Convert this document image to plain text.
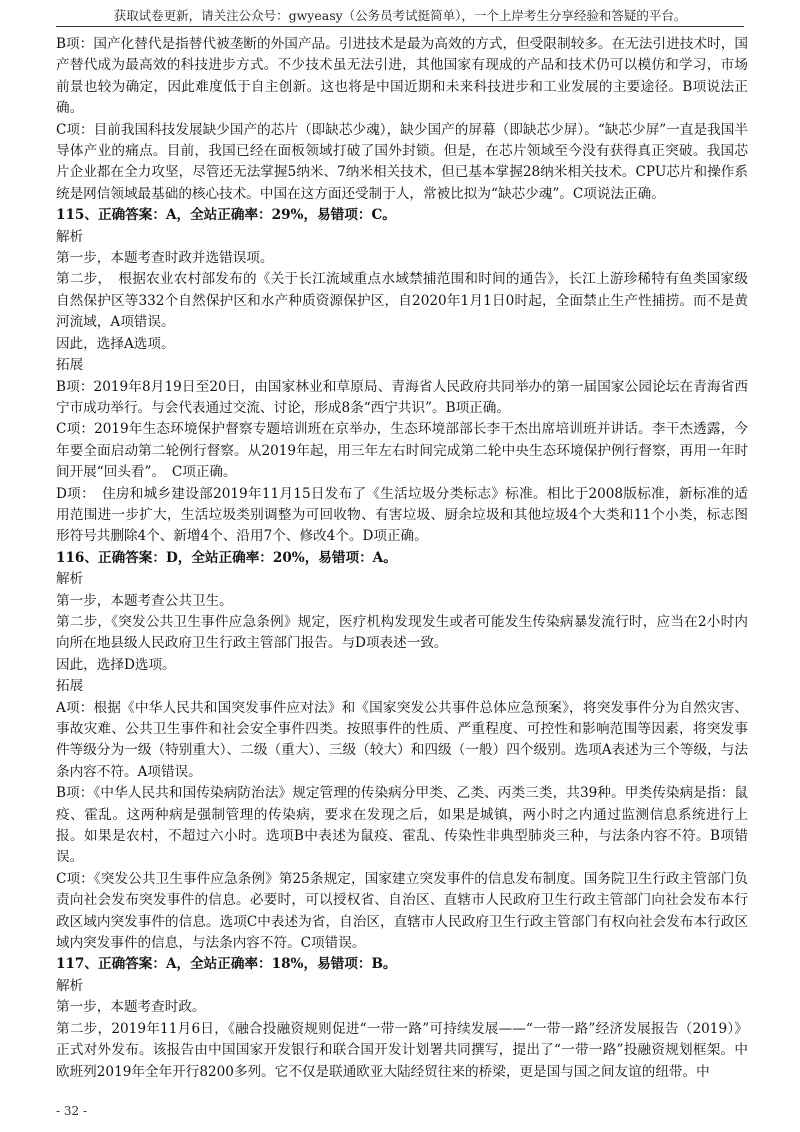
获取试卷更新，请关注公众号：gwyeasy（公务员考试挺简单），一个上岸考生分享经验和答疑的平台。

B项：国产化替代是指替代被垄断的外国产品。引进技术是最为高效的方式，但受限制较多。在无法引进技术时，国产替代成为最高效的科技进步方式。不少技术虽无法引进，其他国家有现成的产品和技术仍可以模仿和学习，市场前景也较为确定，因此难度低于自主创新。这也将是中国近期和未来科技进步和工业发展的主要途径。B项说法正确。

C项：目前我国科技发展缺少国产的芯片（即缺芯少魂），缺少国产的屏幕（即缺芯少屏）。“缺芯少屏”一直是我国半导体产业的痛点。目前，我国已经在面板领域打破了国外封锁。但是，在芯片领域至今没有获得真正突破。我国芯片企业都在全力攻坚，尽管还无法掌握5纳米、7纳米相关技术，但已基本掌握28纳米相关技术。CPU芯片和操作系统是网信领域最基础的核心技术。中国在这方面还受制于人，常被比拟为“缺芯少魂”。C项说法正确。

115、正确答案：A，全站正确率：29%，易错项：C。

解析

第一步，本题考查时政并选错误项。

第二步，　根据农业农村部发布的《关于长江流域重点水域禁捕范围和时间的通告》，长江上游珍稀特有鱼类国家级自然保护区等332个自然保护区和水产种质资源保护区，自2020年1月1日0时起，全面禁止生产性捕捞。而不是黄河流域，A项错误。

因此，选择A选项。

拓展

B项：2019年8月19日至20日，由国家林业和草原局、青海省人民政府共同举办的第一届国家公园论坛在青海省西宁市成功举行。与会代表通过交流、讨论，形成8条“西宁共识”。B项正确。

C项：2019年生态环境保护督察专题培训班在京举办，生态环境部部长李干杰出席培训班并讲话。李干杰透露，今年要全面启动第二轮例行督察。从2019年起，用三年左右时间完成第二轮中央生态环境保护例行督察，再用一年时间开展“回头看”。　C项正确。

D项：　住房和城乡建设部2019年11月15日发布了《生活垃圾分类标志》标准。相比于2008版标准，新标准的适用范围进一步扩大，生活垃圾类别调整为可回收物、有害垃圾、厨余垃圾和其他垃圾4个大类和11个小类，标志图形符号共删除4个、新增4个、沿用7个、修改4个。D项正确。

116、正确答案：D，全站正确率：20%，易错项：A。

解析

第一步，本题考查公共卫生。

第二步，《突发公共卫生事件应急条例》规定，医疗机构发现发生或者可能发生传染病暴发流行时，应当在2小时内向所在地县级人民政府卫生行政主管部门报告。与D项表述一致。

因此，选择D选项。

拓展

A项：根据《中华人民共和国突发事件应对法》和《国家突发公共事件总体应急预案》，将突发事件分为自然灾害、事故灾难、公共卫生事件和社会安全事件四类。按照事件的性质、严重程度、可控性和影响范围等因素，将突发事件等级分为一级（特别重大）、二级（重大）、三级（较大）和四级（一般）四个级别。选项A表述为三个等级，与法条内容不符。A项错误。

B项：《中华人民共和国传染病防治法》规定管理的传染病分甲类、乙类、丙类三类，共39种。甲类传染病是指：鼠疫、霍乱。这两种病是强制管理的传染病，要求在发现之后，如果是城镇，两小时之内通过监测信息系统进行上报。如果是农村，不超过六小时。选项B中表述为鼠疫、霍乱、传染性非典型肺炎三种，与法条内容不符。B项错误。

C项：《突发公共卫生事件应急条例》第25条规定，国家建立突发事件的信息发布制度。国务院卫生行政主管部门负责向社会发布突发事件的信息。必要时，可以授权省、自治区、直辖市人民政府卫生行政主管部门向社会发布本行政区域内突发事件的信息。选项C中表述为省，自治区，直辖市人民政府卫生行政主管部门有权向社会发布本行政区域内突发事件的信息，与法条内容不符。C项错误。

117、正确答案：A，全站正确率：18%，易错项：B。

解析

第一步，本题考查时政。

第二步，2019年11月6日，《融合投融资规则促进“一带一路”可持续发展——“一带一路”经济发展报告（2019）》正式对外发布。该报告由中国国家开发银行和联合国开发计划署共同撰写，提出了“一带一路”投融资规划框架。中欧班列2019年全年开行8200多列。它不仅是联通欧亚大陆经贸往来的桥梁，更是国与国之间友谊的纽带。中

- 32 -
